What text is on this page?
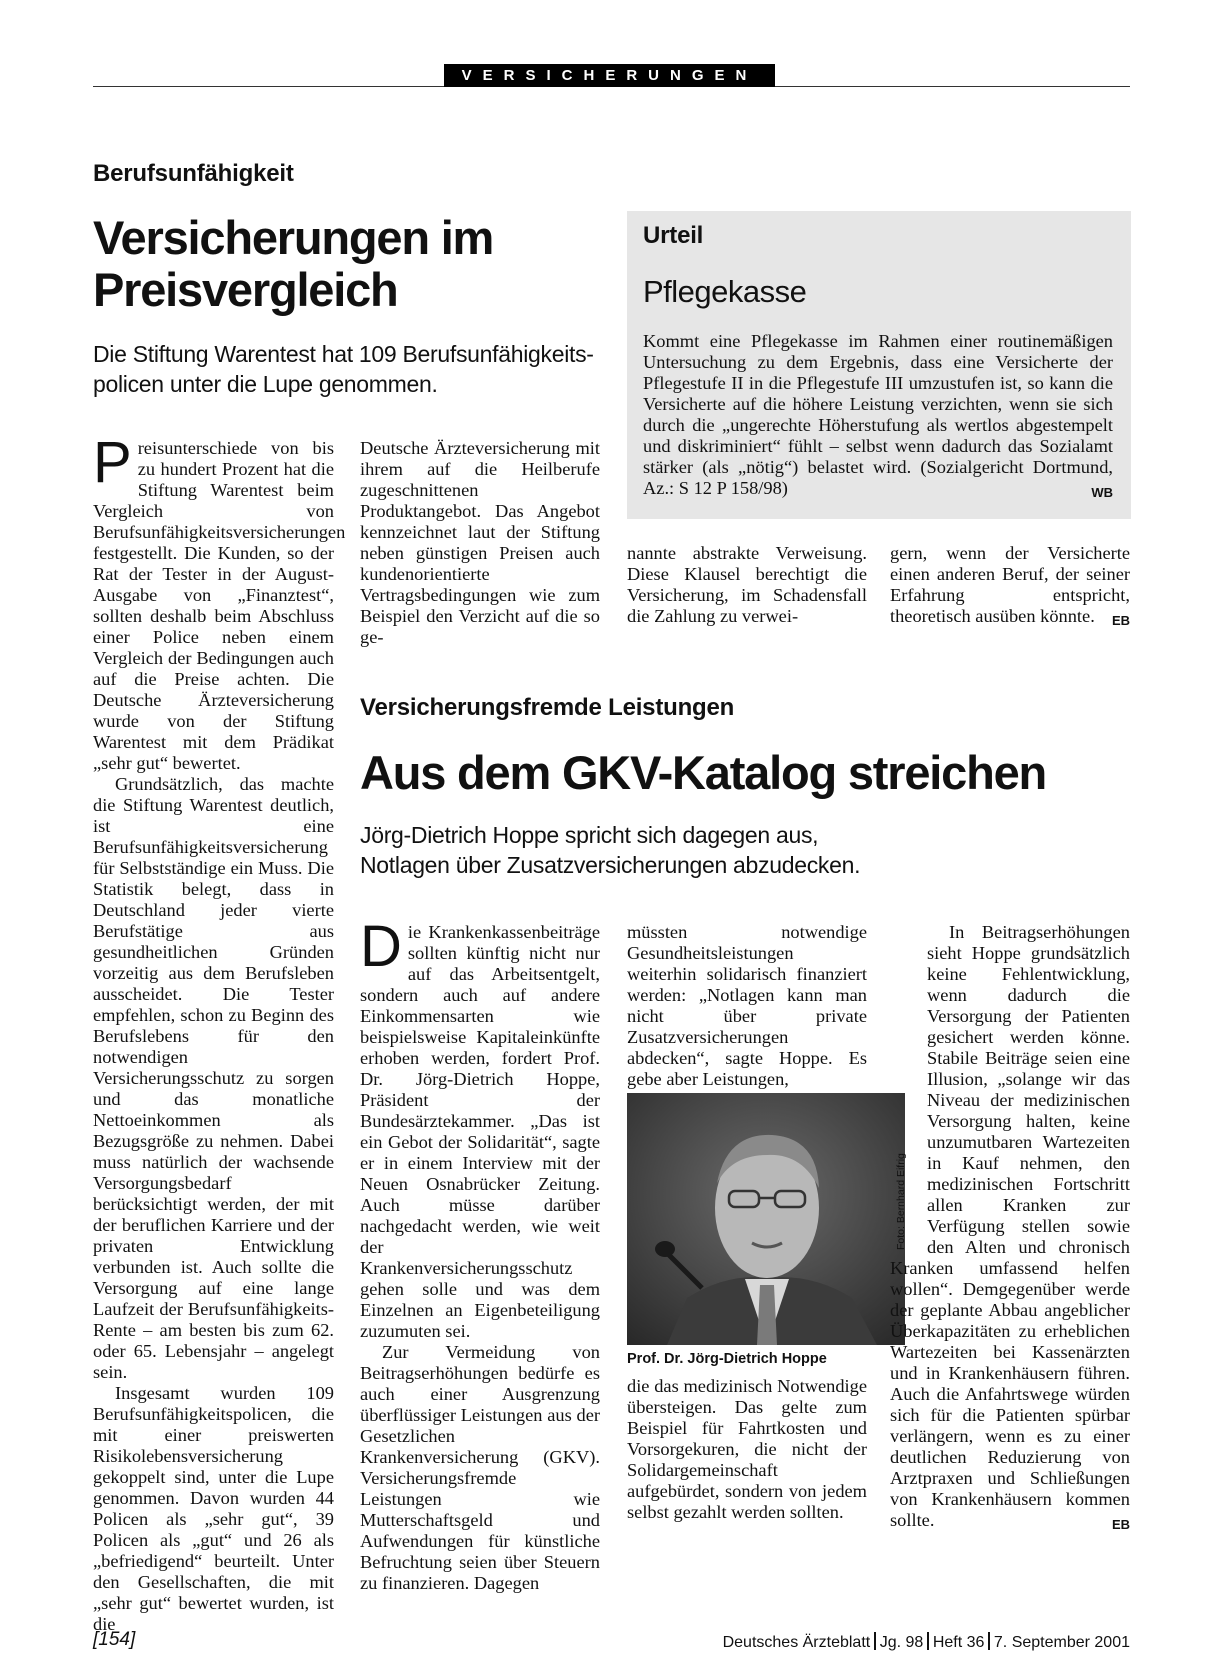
VERSICHERUNGEN
Berufsunfähigkeit
Versicherungen im
Preisvergleich
Die Stiftung Warentest hat 109 Berufsunfähigkeits-
policen unter die Lupe genommen.

Preisunterschiede von bis zu hundert Prozent hat die Stiftung Warentest beim Vergleich von Berufsunfähigkeitsversicherungen festgestellt. Die Kunden, so der Rat der Tester in der August-Ausgabe von „Finanztest“, sollten deshalb beim Abschluss einer Police neben einem Vergleich der Bedingungen auch auf die Preise achten. Die Deutsche Ärzteversicherung wurde von der Stiftung Warentest mit dem Prädikat „sehr gut“ bewertet.

Grundsätzlich, das machte die Stiftung Warentest deutlich, ist eine Berufsunfähigkeitsversicherung für Selbstständige ein Muss. Die Statistik belegt, dass in Deutschland jeder vierte Berufstätige aus gesundheitlichen Gründen vorzeitig aus dem Berufsleben ausscheidet. Die Tester empfehlen, schon zu Beginn des Berufslebens für den notwendigen Versicherungsschutz zu sorgen und das monatliche Nettoeinkommen als Bezugsgröße zu nehmen. Dabei muss natürlich der wachsende Versorgungsbedarf berücksichtigt werden, der mit der beruflichen Karriere und der privaten Entwicklung verbunden ist. Auch sollte die Versorgung auf eine lange Laufzeit der Berufsunfähigkeits-Rente – am besten bis zum 62. oder 65. Lebensjahr – angelegt sein.

Insgesamt wurden 109 Berufsunfähigkeitspolicen, die mit einer preiswerten Risikolebensversicherung gekoppelt sind, unter die Lupe genommen. Davon wurden 44 Policen als „sehr gut“, 39 Policen als „gut“ und 26 als „befriedigend“ beurteilt. Unter den Gesellschaften, die mit „sehr gut“ bewertet wurden, ist die

Deutsche Ärzteversicherung mit ihrem auf die Heilberufe zugeschnittenen Produktangebot. Das Angebot kennzeichnet laut der Stiftung neben günstigen Preisen auch kundenorientierte Vertragsbedingungen wie zum Beispiel den Verzicht auf die so ge-
nannte abstrakte Verweisung. Diese Klausel berechtigt die Versicherung, im Schadensfall die Zahlung zu verwei-
gern, wenn der Versicherte einen anderen Beruf, der seiner Erfahrung entspricht, theoretisch ausüben könnte. EB
Urteil
Pflegekasse
Kommt eine Pflegekasse im Rahmen einer routinemäßigen Untersuchung zu dem Ergebnis, dass eine Versicherte der Pflegestufe II in die Pflegestufe III umzustufen ist, so kann die Versicherte auf die höhere Leistung verzichten, wenn sie sich durch die „ungerechte Höherstufung als wertlos abgestempelt und diskriminiert“ fühlt – selbst wenn dadurch das Sozialamt stärker (als „nötig“) belastet wird. (Sozialgericht Dortmund, Az.: S 12 P 158/98)	WB
Versicherungsfremde Leistungen
Aus dem GKV-Katalog streichen
Jörg-Dietrich Hoppe spricht sich dagegen aus,
Notlagen über Zusatzversicherungen abzudecken.

Die Krankenkassenbeiträge sollten künftig nicht nur auf das Arbeitsentgelt, sondern auch auf andere Einkommensarten wie beispielsweise Kapitaleinkünfte erhoben werden, fordert Prof. Dr. Jörg-Dietrich Hoppe, Präsident der Bundesärztekammer. „Das ist ein Gebot der Solidarität“, sagte er in einem Interview mit der Neuen Osnabrücker Zeitung. Auch müsse darüber nachgedacht werden, wie weit der Krankenversicherungsschutz gehen solle und was dem Einzelnen an Eigenbeteiligung zuzumuten sei.

Zur Vermeidung von Beitragserhöhungen bedürfe es auch einer Ausgrenzung überflüssiger Leistungen aus der Gesetzlichen Krankenversicherung (GKV). Versicherungsfremde Leistungen wie Mutterschaftsgeld und Aufwendungen für künstliche Befruchtung seien über Steuern zu finanzieren. Dagegen

müssten notwendige Gesundheitsleistungen weiterhin solidarisch finanziert werden: „Notlagen kann man nicht über private Zusatzversicherungen abdecken“, sagte Hoppe. Es gebe aber Leistungen,
Prof. Dr. Jörg-Dietrich Hoppe
Foto: Bernhard Eifrig
die das medizinisch Notwendige übersteigen. Das gelte zum Beispiel für Fahrtkosten und Vorsorgekuren, die nicht der Solidargemeinschaft aufgebürdet, sondern von jedem selbst gezahlt werden sollten.

In Beitragserhöhungen sieht Hoppe grundsätzlich keine Fehlentwicklung, wenn dadurch die Versorgung der Patienten gesichert werden könne. Stabile Beiträge seien eine Illusion, „solange wir das Niveau der medizinischen Versorgung halten, keine unzumutbaren Wartezeiten in Kauf nehmen, den medizinischen Fortschritt allen Kranken zur Verfügung stellen sowie den Alten und chronisch Kranken umfassend helfen wollen“. Demgegenüber werde der geplante Abbau angeblicher Überkapazitäten zu erheblichen Wartezeiten bei Kassenärzten und in Krankenhäusern führen. Auch die Anfahrtswege würden sich für die Patienten spürbar verlängern, wenn es zu einer deutlichen Reduzierung von Arztpraxen und Schließungen von Krankenhäusern kommen sollte.	EB

[154]	Deutsches Ärzteblatt Jg. 98 Heft 36 7. September 2001
